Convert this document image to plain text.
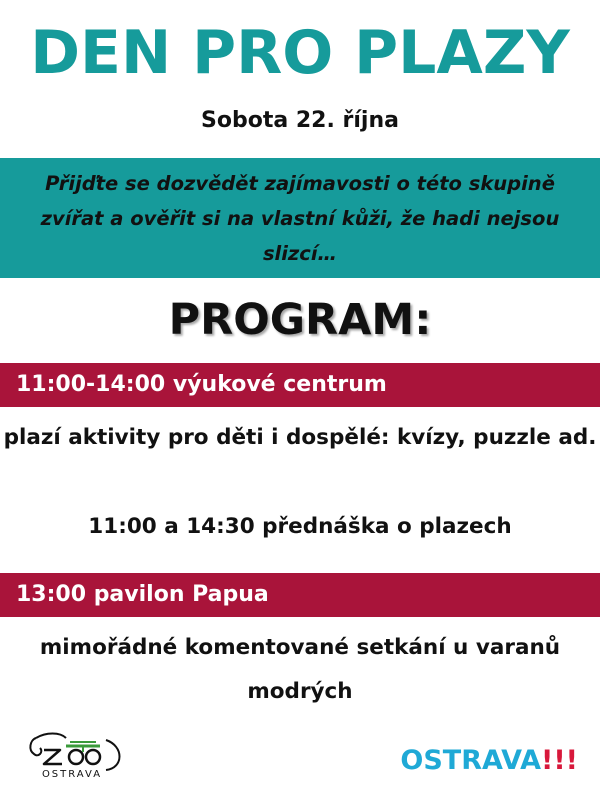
DEN PRO PLAZY
Sobota 22. října
Přijďte se dozvědět zajímavosti o této skupině zvířat a ověřit si na vlastní kůži, že hadi nejsou slizcí…
PROGRAM:
11:00-14:00 výukové centrum
plazí aktivity pro děti i dospělé: kvízy, puzzle ad.
11:00 a 14:30 přednáška o plazech
13:00 pavilon Papua
mimořádné komentované setkání u varanů modrých
OSTRAVA	OSTRAVA!!!
